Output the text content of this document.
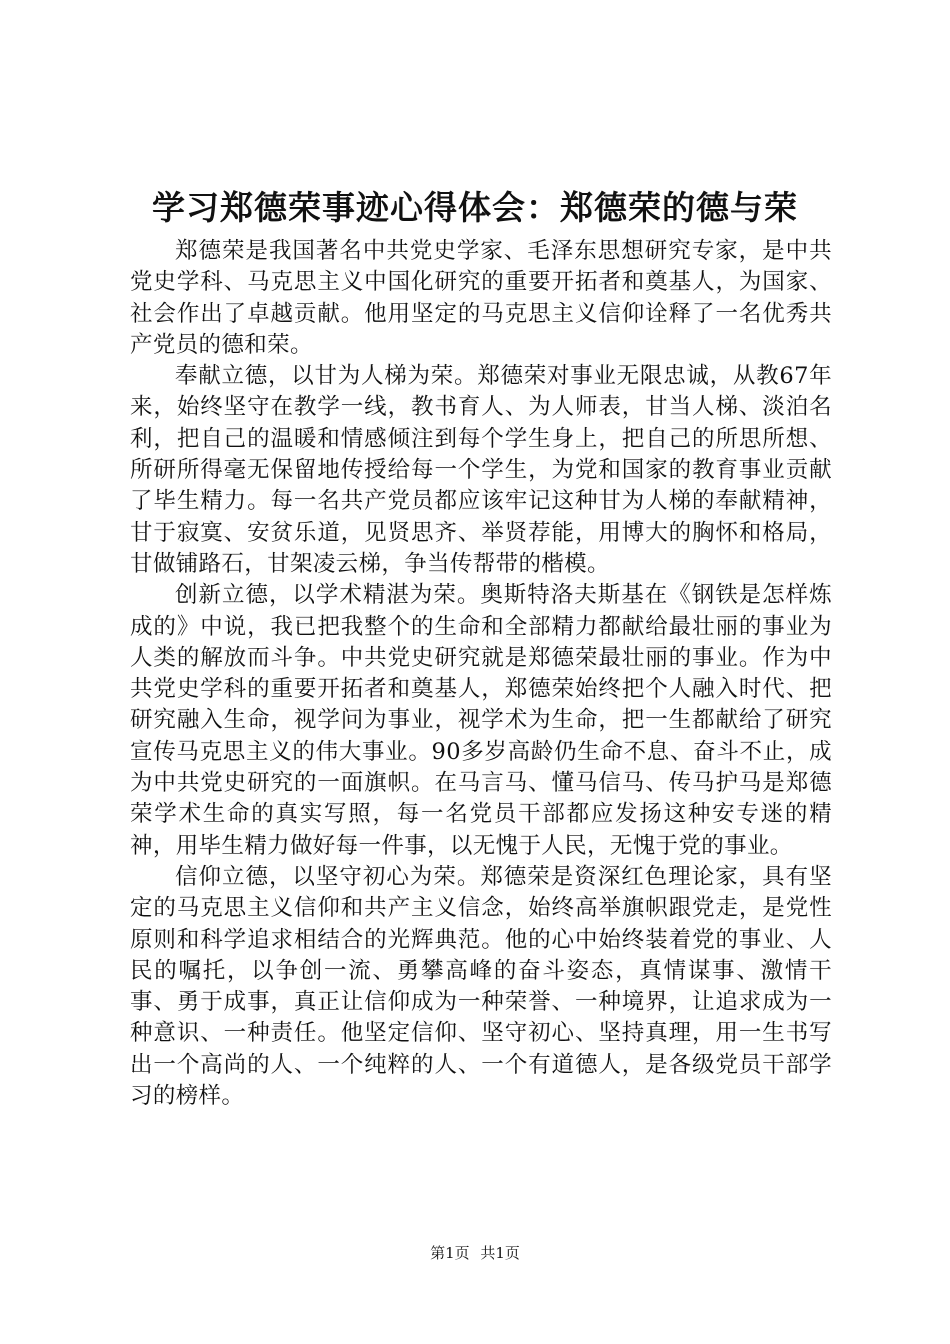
学习郑德荣事迹心得体会：郑德荣的德与荣

郑德荣是我国著名中共党史学家、毛泽东思想研究专家，是中共党史学科、马克思主义中国化研究的重要开拓者和奠基人，为国家、社会作出了卓越贡献。他用坚定的马克思主义信仰诠释了一名优秀共产党员的德和荣。

奉献立德，以甘为人梯为荣。郑德荣对事业无限忠诚，从教67年来，始终坚守在教学一线，教书育人、为人师表，甘当人梯、淡泊名利，把自己的温暖和情感倾注到每个学生身上，把自己的所思所想、所研所得毫无保留地传授给每一个学生，为党和国家的教育事业贡献了毕生精力。每一名共产党员都应该牢记这种甘为人梯的奉献精神，甘于寂寞、安贫乐道，见贤思齐、举贤荐能，用博大的胸怀和格局，甘做铺路石，甘架凌云梯，争当传帮带的楷模。

创新立德，以学术精湛为荣。奥斯特洛夫斯基在《钢铁是怎样炼成的》中说，我已把我整个的生命和全部精力都献给最壮丽的事业为人类的解放而斗争。中共党史研究就是郑德荣最壮丽的事业。作为中共党史学科的重要开拓者和奠基人，郑德荣始终把个人融入时代、把研究融入生命，视学问为事业，视学术为生命，把一生都献给了研究宣传马克思主义的伟大事业。90多岁高龄仍生命不息、奋斗不止，成为中共党史研究的一面旗帜。在马言马、懂马信马、传马护马是郑德荣学术生命的真实写照，每一名党员干部都应发扬这种安专迷的精神，用毕生精力做好每一件事，以无愧于人民，无愧于党的事业。

信仰立德，以坚守初心为荣。郑德荣是资深红色理论家，具有坚定的马克思主义信仰和共产主义信念，始终高举旗帜跟党走，是党性原则和科学追求相结合的光辉典范。他的心中始终装着党的事业、人民的嘱托，以争创一流、勇攀高峰的奋斗姿态，真情谋事、激情干事、勇于成事，真正让信仰成为一种荣誉、一种境界，让追求成为一种意识、一种责任。他坚定信仰、坚守初心、坚持真理，用一生书写出一个高尚的人、一个纯粹的人、一个有道德人，是各级党员干部学习的榜样。

第1页 共1页
